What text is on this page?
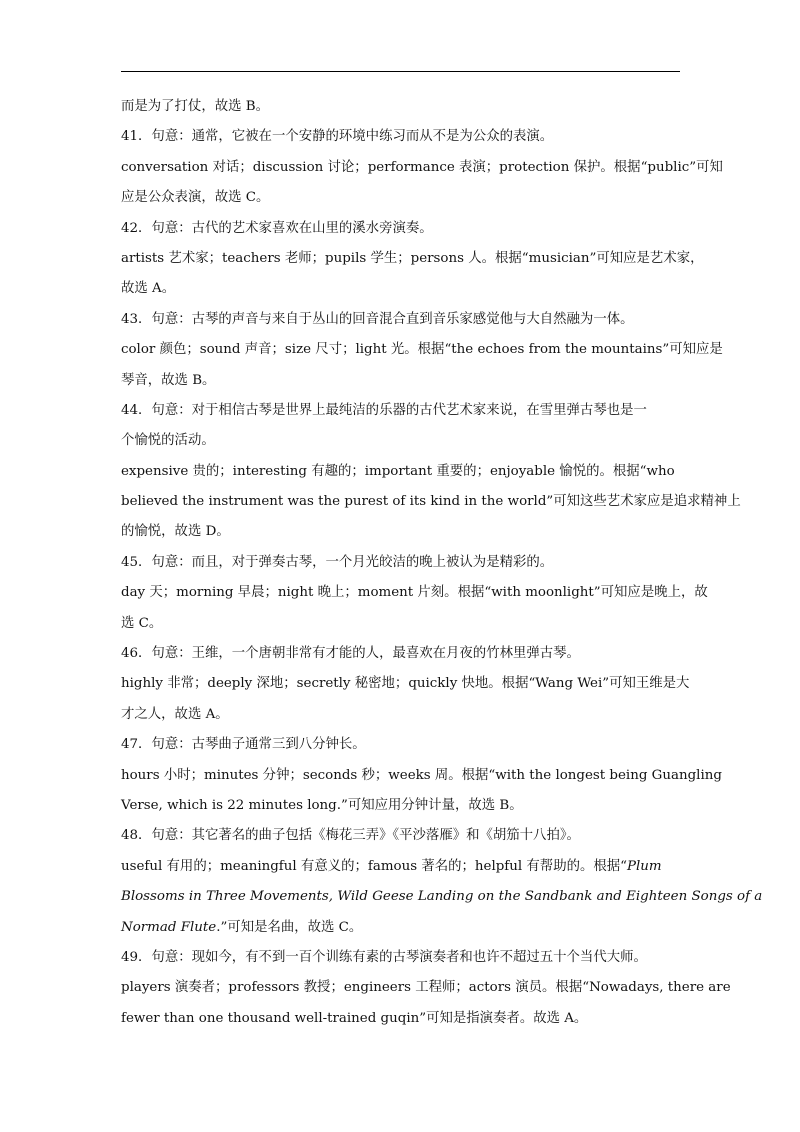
而是为了打仗，故选 B。
41．句意：通常，它被在一个安静的环境中练习而从不是为公众的表演。
conversation 对话；discussion 讨论；performance 表演；protection 保护。根据“public”可知
应是公众表演，故选 C。
42．句意：古代的艺术家喜欢在山里的溪水旁演奏。
artists 艺术家；teachers 老师；pupils 学生；persons 人。根据“musician”可知应是艺术家，
故选 A。
43．句意：古琴的声音与来自于丛山的回音混合直到音乐家感觉他与大自然融为一体。
color 颜色；sound 声音；size 尺寸；light 光。根据“the echoes from the mountains”可知应是
琴音，故选 B。
44．句意：对于相信古琴是世界上最纯洁的乐器的古代艺术家来说，在雪里弹古琴也是一
个愉悦的活动。
expensive 贵的；interesting 有趣的；important 重要的；enjoyable 愉悦的。根据“who
believed the instrument was the purest of its kind in the world”可知这些艺术家应是追求精神上
的愉悦，故选 D。
45．句意：而且，对于弹奏古琴，一个月光皎洁的晚上被认为是精彩的。
day 天；morning 早晨；night 晚上；moment 片刻。根据“with moonlight”可知应是晚上，故
选 C。
46．句意：王维，一个唐朝非常有才能的人，最喜欢在月夜的竹林里弹古琴。
highly 非常；deeply 深地；secretly 秘密地；quickly 快地。根据“Wang Wei”可知王维是大
才之人，故选 A。
47．句意：古琴曲子通常三到八分钟长。
hours 小时；minutes 分钟；seconds 秒；weeks 周。根据“with the longest being Guangling
Verse, which is 22 minutes long.”可知应用分钟计量，故选 B。
48．句意：其它著名的曲子包括《梅花三弄》《平沙落雁》和《胡笳十八拍》。
useful 有用的；meaningful 有意义的；famous 著名的；helpful 有帮助的。根据“Plum
Blossoms in Three Movements, Wild Geese Landing on the Sandbank and Eighteen Songs of a
Normad Flute.”可知是名曲，故选 C。
49．句意：现如今，有不到一百个训练有素的古琴演奏者和也许不超过五十个当代大师。
players 演奏者；professors 教授；engineers 工程师；actors 演员。根据“Nowadays, there are
fewer than one thousand well-trained guqin”可知是指演奏者。故选 A。
